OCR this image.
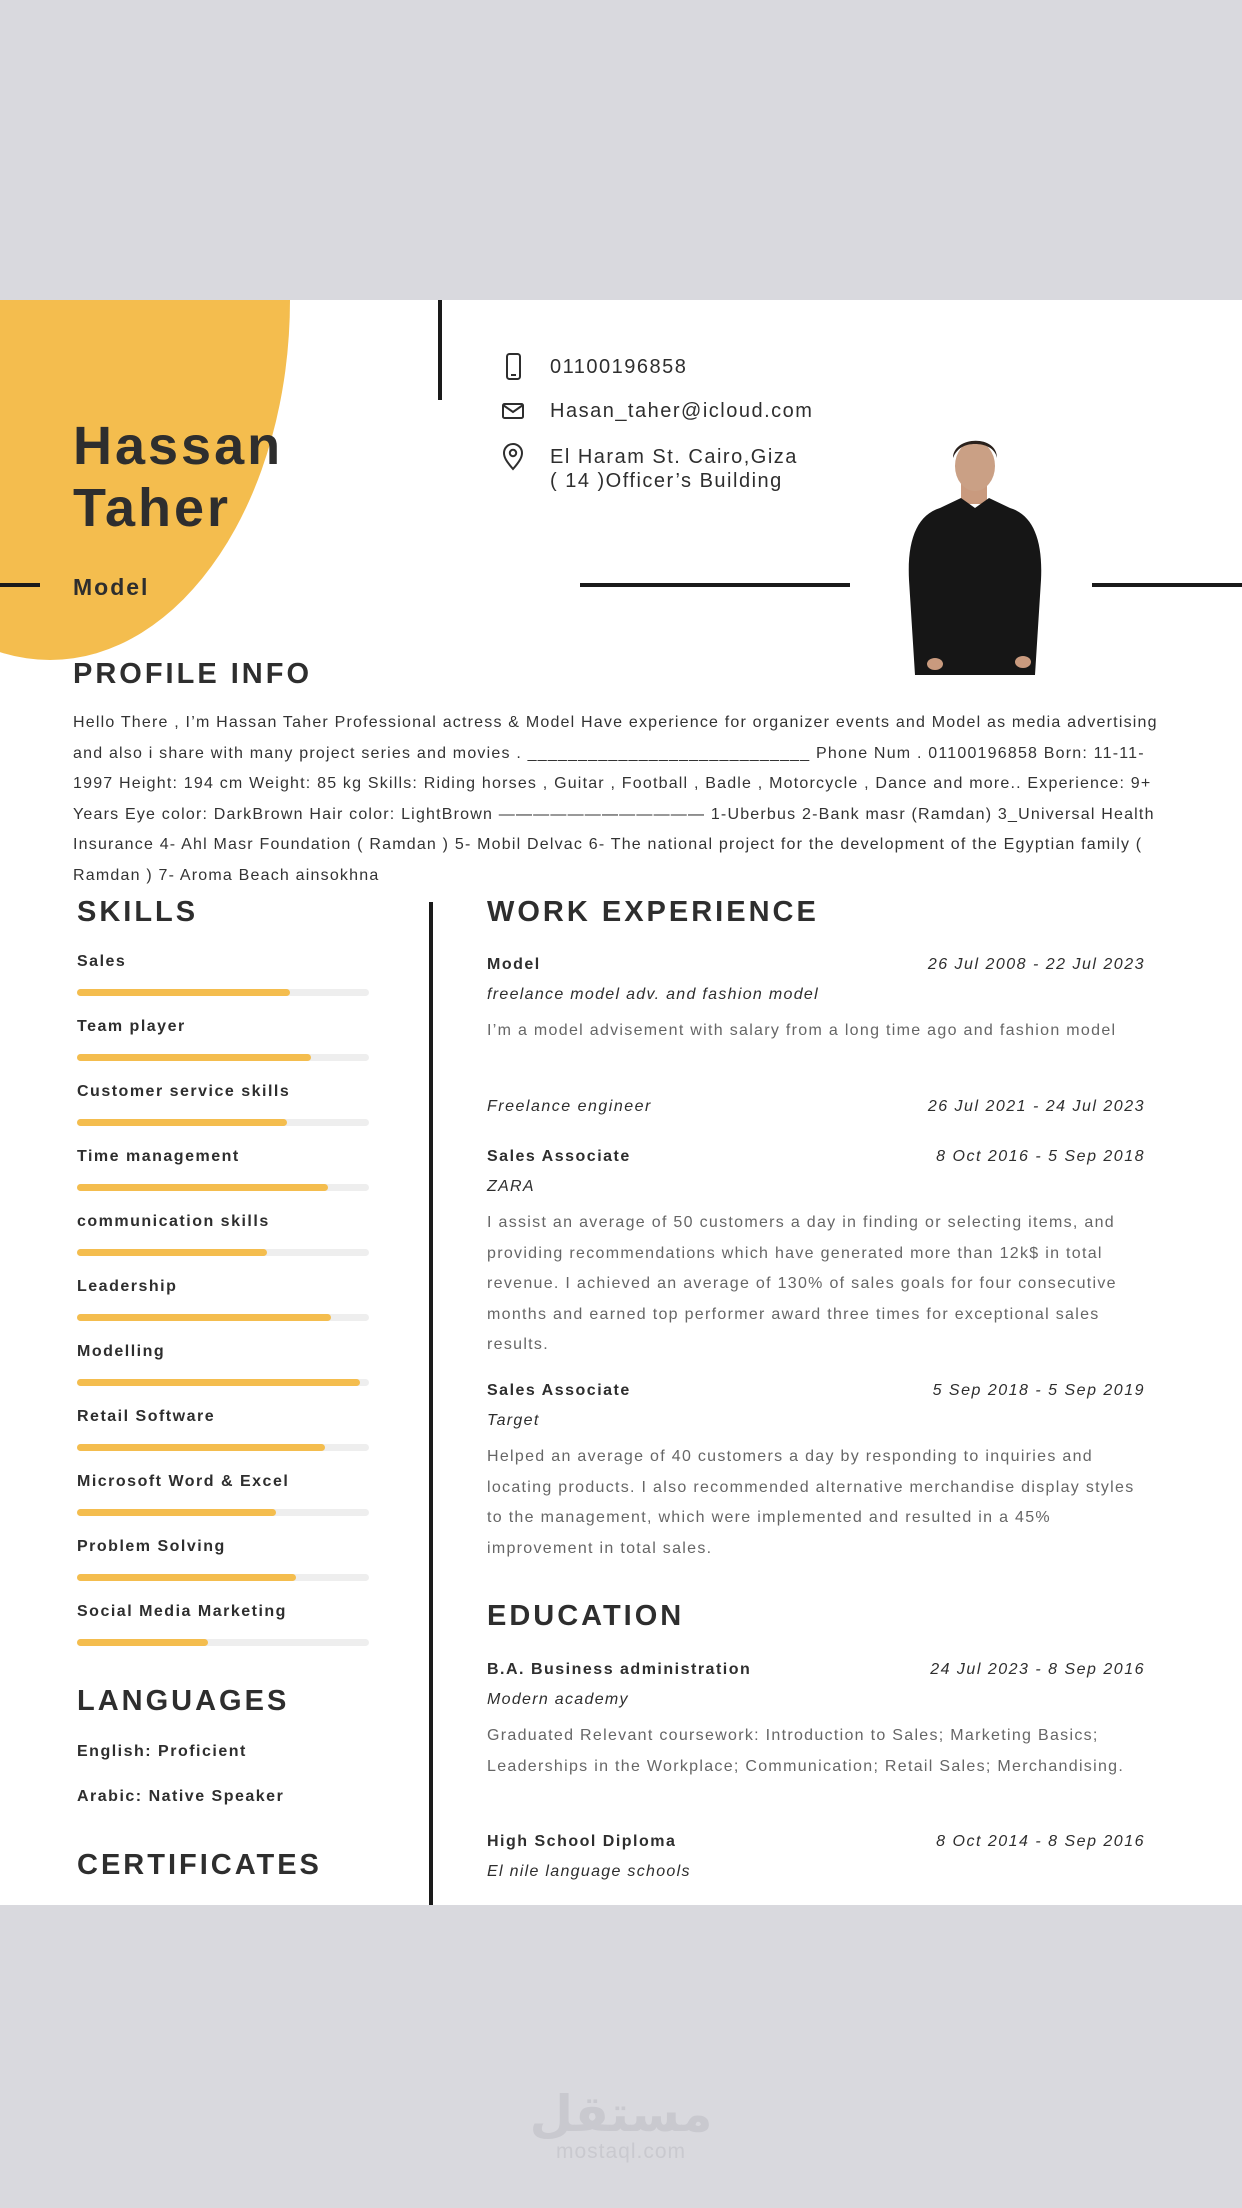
Hassan
Taher
Model
01100196858
Hasan_taher@icloud.com
El Haram St. Cairo,Giza
( 14 )Officer’s Building
PROFILE INFO
Hello There , I’m Hassan Taher Professional actress & Model Have experience for organizer events and Model as media advertising and also i share with many project series and movies . ____________________________ Phone Num . 01100196858 Born: 11-11-1997 Height: 194 cm Weight: 85 kg Skills: Riding horses , Guitar , Football , Badle , Motorcycle , Dance and more.. Experience: 9+ Years Eye color: DarkBrown Hair color: LightBrown ———————————— 1-Uberbus 2-Bank masr (Ramdan) 3_Universal Health Insurance 4- Ahl Masr Foundation ( Ramdan ) 5- Mobil Delvac 6- The national project for the development of the Egyptian family ( Ramdan ) 7- Aroma Beach ainsokhna
SKILLS
Sales
Team player
Customer service skills
Time management
communication skills
Leadership
Modelling
Retail Software
Microsoft Word & Excel
Problem Solving
Social Media Marketing
LANGUAGES
English: Proficient
Arabic: Native Speaker
CERTIFICATES
WORK EXPERIENCE
Model	26 Jul 2008 - 22 Jul 2023
freelance model adv. and fashion model
I’m a model advisement with salary from a long time ago and fashion model
Freelance engineer	26 Jul 2021 - 24 Jul 2023
Sales Associate	8 Oct 2016 - 5 Sep 2018
ZARA
I assist an average of 50 customers a day in finding or selecting items, and providing recommendations which have generated more than 12k$ in total revenue. I achieved an average of 130% of sales goals for four consecutive months and earned top performer award three times for exceptional sales results.
Sales Associate	5 Sep 2018 - 5 Sep 2019
Target
Helped an average of 40 customers a day by responding to inquiries and locating products. I also recommended alternative merchandise display styles to the management, which were implemented and resulted in a 45% improvement in total sales.
EDUCATION
B.A. Business administration	24 Jul 2023 - 8 Sep 2016
Modern academy
Graduated Relevant coursework: Introduction to Sales; Marketing Basics; Leaderships in the Workplace; Communication; Retail Sales; Merchandising.
High School Diploma	8 Oct 2014 - 8 Sep 2016
El nile language schools
مستقل
mostaql.com
